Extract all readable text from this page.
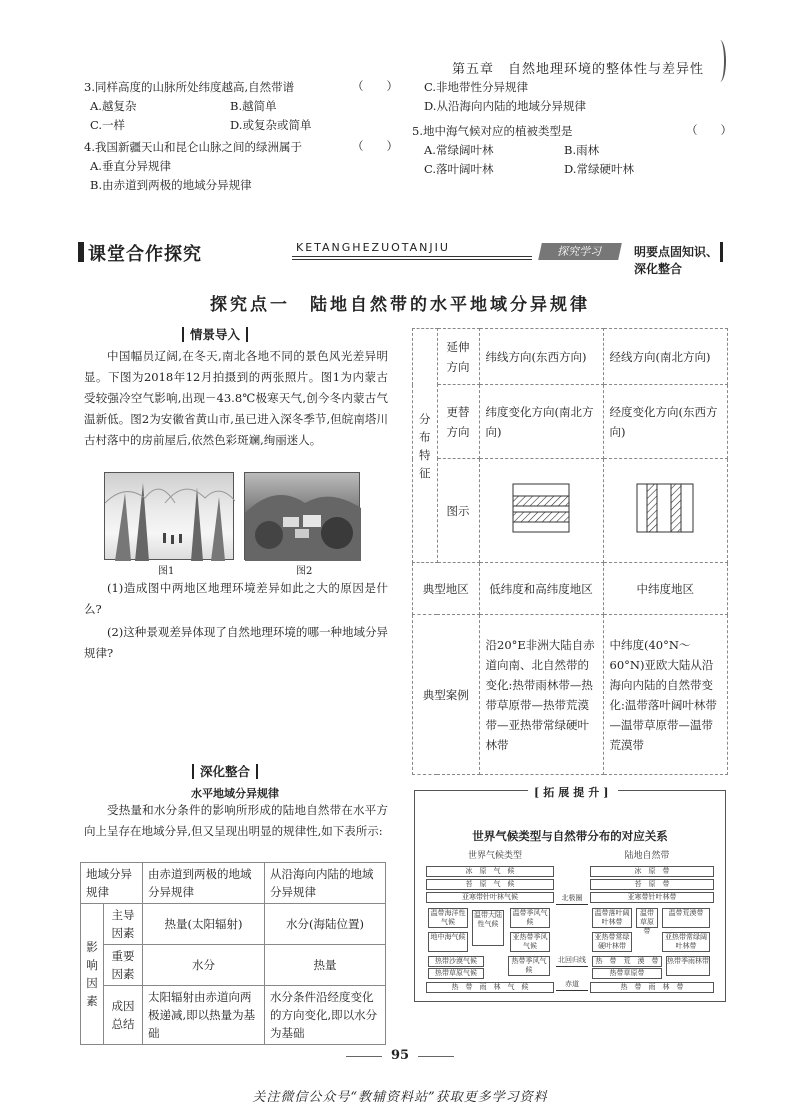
第五章　自然地理环境的整体性与差异性
3.同样高度的山脉所处纬度越高,自然带谱
A.越复杂	B.越简单
C.一样	D.或复杂或简单
（　　）
4.我国新疆天山和昆仑山脉之间的绿洲属于
A.垂直分异规律
B.由赤道到两极的地域分异规律
（　　）
C.非地带性分异规律
D.从沿海向内陆的地域分异规律
5.地中海气候对应的植被类型是
A.常绿阔叶林	B.雨林
C.落叶阔叶林	D.常绿硬叶林
（　　）
课堂合作探究	KETANGHEZUOTANJIU	探究学习	明要点固知识、深化整合
探究点一　陆地自然带的水平地域分异规律
情景导入
中国幅员辽阔,在冬天,南北各地不同的景色风光差异明显。下图为2018年12月拍摄到的两张照片。图1为内蒙古受较强冷空气影响,出现－43.8℃极寒天气,创今冬内蒙古气温新低。图2为安徽省黄山市,虽已进入深冬季节,但皖南塔川古村落中的房前屋后,依然色彩斑斓,绚丽迷人。
图1	图2
(1)造成图中两地区地理环境差异如此之大的原因是什么?
(2)这种景观差异体现了自然地理环境的哪一种地域分异规律?
深化整合
水平地域分异规律
受热量和水分条件的影响所形成的陆地自然带在水平方向上呈存在地域分异,但又呈现出明显的规律性,如下表所示:
地域分异规律		由赤道到两极的地域分异规律	从沿海向内陆的地域分异规律
影响因素	主导因素	热量(太阳辐射)	水分(海陆位置)
	重要因素	水分	热量
	成因总结	太阳辐射由赤道向两极递减,即以热量为基础	水分条件沿经度变化的方向变化,即以水分为基础
分布特征	延伸方向	纬线方向(东西方向)	经线方向(南北方向)
	更替方向	纬度变化方向(南北方向)	经度变化方向(东西方向)
	图示		
典型地区		低纬度和高纬度地区	中纬度地区
典型案例		沿20°E非洲大陆自赤道向南、北自然带的变化:热带雨林带—热带草原带—热带荒漠带—亚热带常绿硬叶林带	中纬度(40°N～60°N)亚欧大陆从沿海向内陆的自然带变化:温带落叶阔叶林带—温带草原带—温带荒漠带
[拓展提升]
世界气候类型与自然带分布的对应关系
世界气候类型	陆地自然带
冰　原　气　候
苔　原　气　候
亚寒带针叶林气候
温带海洋性气候
温带大陆性气候
温带季风气候
地中海气候	亚热带季风气候
热带沙漠气候
热带草原气候
热带季风气候
热　带　雨　林　气　候
北极圈
北回归线
赤道
冰　原　带
苔　原　带
亚寒带针叶林带
温带落叶阔叶林带
温带草原带
温带荒漠带
亚热带常绿硬叶林带
亚热带常绿阔叶林带
热　带　荒　漠　带
热带草原带
热带季雨林带
热　带　雨　林　带
95
关注微信公众号“教辅资料站”获取更多学习资料
